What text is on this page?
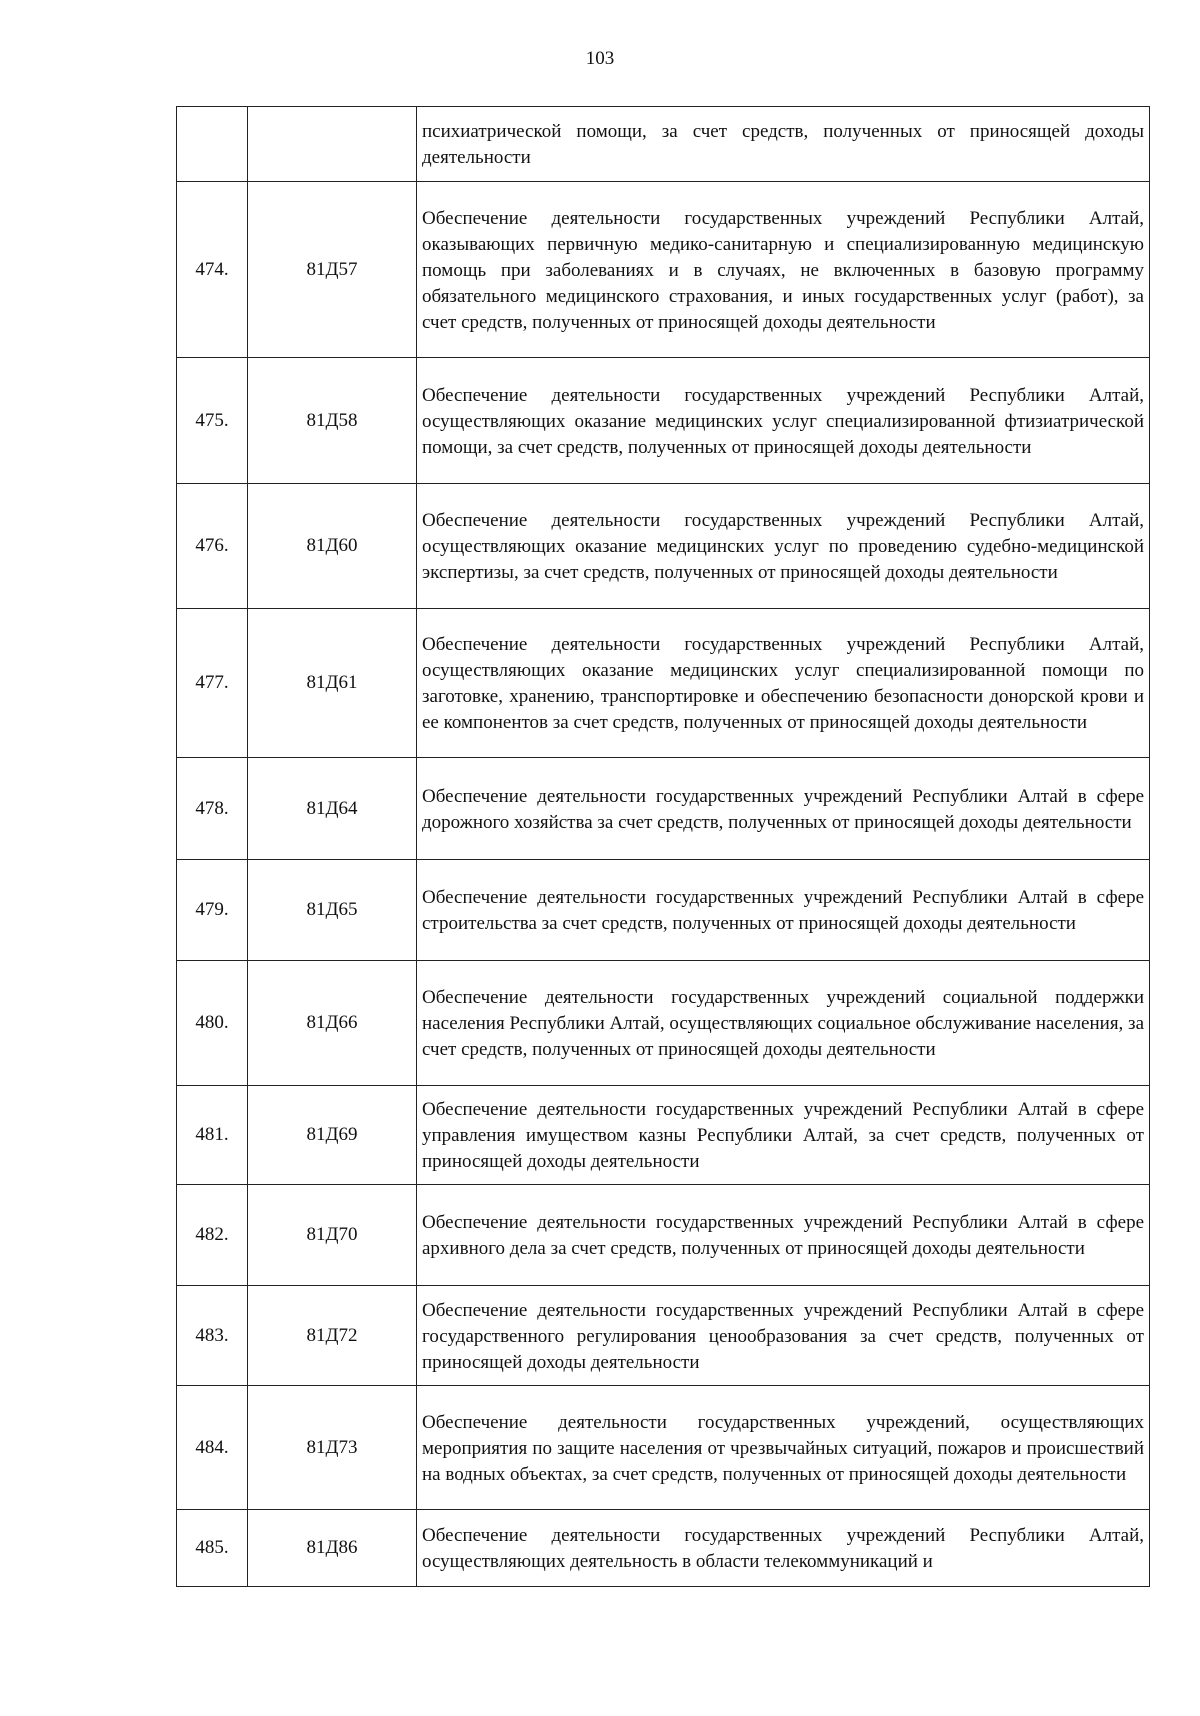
103
		психиатрической помощи, за счет средств, полученных от приносящей доходы деятельности
474.	81Д57	Обеспечение деятельности государственных учреждений Республики Алтай, оказывающих первичную медико-санитарную и специализированную медицинскую помощь при заболеваниях и в случаях, не включенных в базовую программу обязательного медицинского страхования, и иных государственных услуг (работ), за счет средств, полученных от приносящей доходы деятельности
475.	81Д58	Обеспечение деятельности государственных учреждений Республики Алтай, осуществляющих оказание медицинских услуг специализированной фтизиатрической помощи, за счет средств, полученных от приносящей доходы деятельности
476.	81Д60	Обеспечение деятельности государственных учреждений Республики Алтай, осуществляющих оказание медицинских услуг по проведению судебно-медицинской экспертизы, за счет средств, полученных от приносящей доходы деятельности
477.	81Д61	Обеспечение деятельности государственных учреждений Республики Алтай, осуществляющих оказание медицинских услуг специализированной помощи по заготовке, хранению, транспортировке и обеспечению безопасности донорской крови и ее компонентов за счет средств, полученных от приносящей доходы деятельности
478.	81Д64	Обеспечение деятельности государственных учреждений Республики Алтай в сфере дорожного хозяйства за счет средств, полученных от приносящей доходы деятельности
479.	81Д65	Обеспечение деятельности государственных учреждений Республики Алтай в сфере строительства за счет средств, полученных от приносящей доходы деятельности
480.	81Д66	Обеспечение деятельности государственных учреждений социальной поддержки населения Республики Алтай, осуществляющих социальное обслуживание населения, за счет средств, полученных от приносящей доходы деятельности
481.	81Д69	Обеспечение деятельности государственных учреждений Республики Алтай в сфере управления имуществом казны Республики Алтай, за счет средств, полученных от приносящей доходы деятельности
482.	81Д70	Обеспечение деятельности государственных учреждений Республики Алтай в сфере архивного дела за счет средств, полученных от приносящей доходы деятельности
483.	81Д72	Обеспечение деятельности государственных учреждений Республики Алтай в сфере государственного регулирования ценообразования за счет средств, полученных от приносящей доходы деятельности
484.	81Д73	Обеспечение деятельности государственных учреждений, осуществляющих мероприятия по защите населения от чрезвычайных ситуаций, пожаров и происшествий на водных объектах, за счет средств, полученных от приносящей доходы деятельности
485.	81Д86	Обеспечение деятельности государственных учреждений Республики Алтай, осуществляющих деятельность в области телекоммуникаций и
